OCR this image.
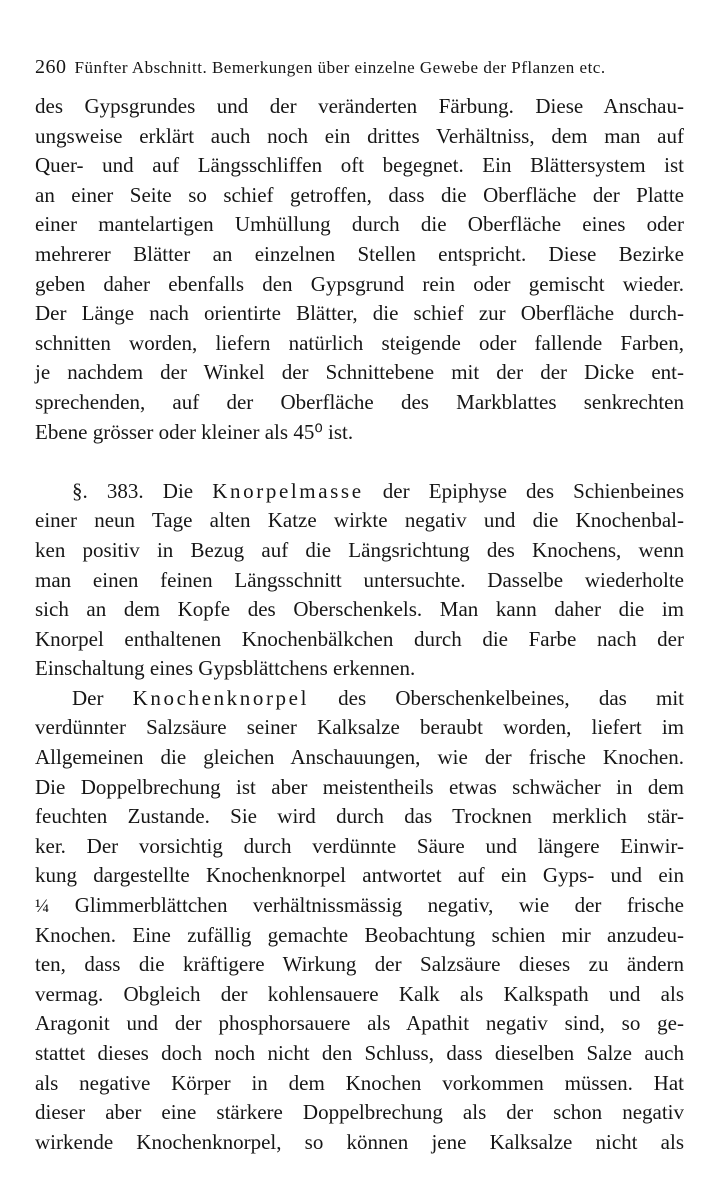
260 Fünfter Abschnitt. Bemerkungen über einzelne Gewebe der Pflanzen etc.
des Gypsgrundes und der veränderten Färbung. Diese Anschau-
ungsweise erklärt auch noch ein drittes Verhältniss, dem man auf
Quer- und auf Längsschliffen oft begegnet. Ein Blättersystem ist
an einer Seite so schief getroffen, dass die Oberfläche der Platte
einer mantelartigen Umhüllung durch die Oberfläche eines oder
mehrerer Blätter an einzelnen Stellen entspricht. Diese Bezirke
geben daher ebenfalls den Gypsgrund rein oder gemischt wieder.
Der Länge nach orientirte Blätter, die schief zur Oberfläche durch-
schnitten worden, liefern natürlich steigende oder fallende Farben,
je nachdem der Winkel der Schnittebene mit der der Dicke ent-
sprechenden, auf der Oberfläche des Markblattes senkrechten
Ebene grösser oder kleiner als 45⁰ ist.
§. 383. Die Knorpelmasse der Epiphyse des Schienbeines
einer neun Tage alten Katze wirkte negativ und die Knochenbal-
ken positiv in Bezug auf die Längsrichtung des Knochens, wenn
man einen feinen Längsschnitt untersuchte. Dasselbe wiederholte
sich an dem Kopfe des Oberschenkels. Man kann daher die im
Knorpel enthaltenen Knochenbälkchen durch die Farbe nach der
Einschaltung eines Gypsblättchens erkennen.
Der Knochenknorpel des Oberschenkelbeines, das mit
verdünnter Salzsäure seiner Kalksalze beraubt worden, liefert im
Allgemeinen die gleichen Anschauungen, wie der frische Knochen.
Die Doppelbrechung ist aber meistentheils etwas schwächer in dem
feuchten Zustande. Sie wird durch das Trocknen merklich stär-
ker. Der vorsichtig durch verdünnte Säure und längere Einwir-
kung dargestellte Knochenknorpel antwortet auf ein Gyps- und ein
¼ Glimmerblättchen verhältnissmässig negativ, wie der frische
Knochen. Eine zufällig gemachte Beobachtung schien mir anzudeu-
ten, dass die kräftigere Wirkung der Salzsäure dieses zu ändern
vermag. Obgleich der kohlensauere Kalk als Kalkspath und als
Aragonit und der phosphorsauere als Apathit negativ sind, so ge-
stattet dieses doch noch nicht den Schluss, dass dieselben Salze auch
als negative Körper in dem Knochen vorkommen müssen. Hat
dieser aber eine stärkere Doppelbrechung als der schon negativ
wirkende Knochenknorpel, so können jene Kalksalze nicht als
